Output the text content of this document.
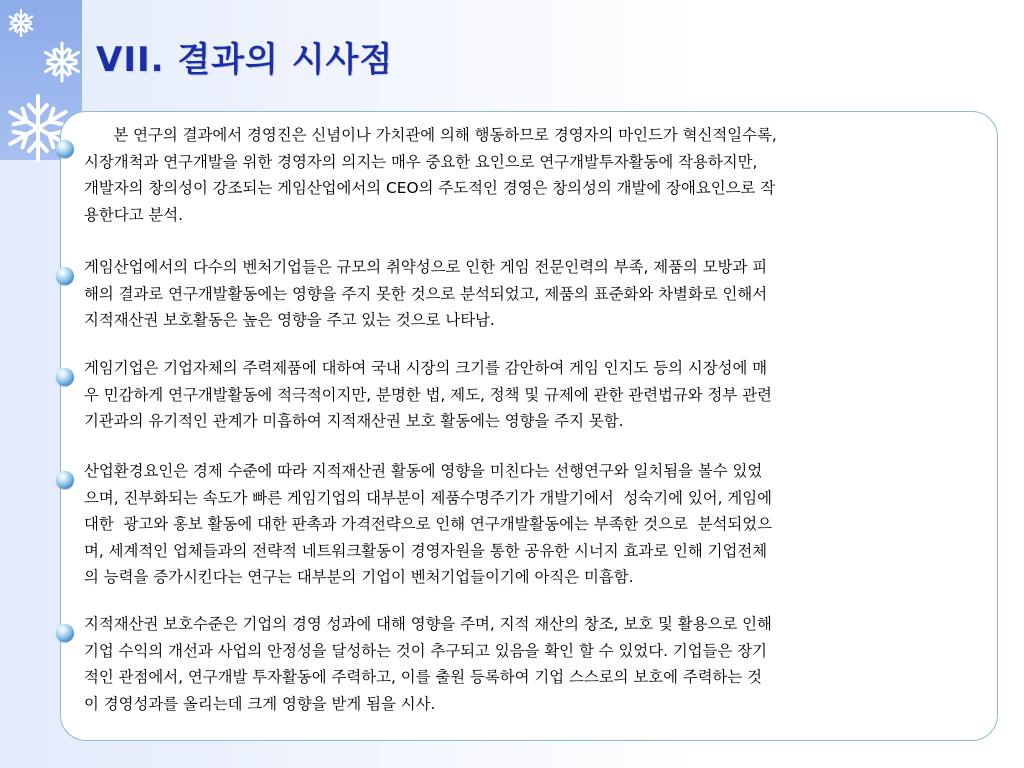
VII. 결과의 시사점
본 연구의 결과에서 경영진은 신념이나 가치관에 의해 행동하므로 경영자의 마인드가 혁신적일수록,
시장개척과 연구개발을 위한 경영자의 의지는 매우 중요한 요인으로 연구개발투자활동에 작용하지만,
개발자의 창의성이 강조되는 게임산업에서의 CEO의 주도적인 경영은 창의성의 개발에 장애요인으로 작
용한다고 분석.
게임산업에서의 다수의 벤처기업들은 규모의 취약성으로 인한 게임 전문인력의 부족, 제품의 모방과 피
해의 결과로 연구개발활동에는 영향을 주지 못한 것으로 분석되었고, 제품의 표준화와 차별화로 인해서
지적재산권 보호활동은 높은 영향을 주고 있는 것으로 나타남.
게임기업은 기업자체의 주력제품에 대하여 국내 시장의 크기를 감안하여 게임 인지도 등의 시장성에 매
우 민감하게 연구개발활동에 적극적이지만, 분명한 법, 제도, 정책 및 규제에 관한 관련법규와 정부 관련
기관과의 유기적인 관계가 미흡하여 지적재산권 보호 활동에는 영향을 주지 못함.
산업환경요인은 경제 수준에 따라 지적재산권 활동에 영향을 미친다는 선행연구와 일치됨을 볼수 있었
으며, 진부화되는 속도가 빠른 게임기업의 대부분이 제품수명주기가 개발기에서  성숙기에 있어, 게임에
대한  광고와 홍보 활동에 대한 판촉과 가격전략으로 인해 연구개발활동에는 부족한 것으로  분석되었으
며, 세계적인 업체들과의 전략적 네트워크활동이 경영자원을 통한 공유한 시너지 효과로 인해 기업전체
의 능력을 증가시킨다는 연구는 대부분의 기업이 벤처기업들이기에 아직은 미흡함.
지적재산권 보호수준은 기업의 경영 성과에 대해 영향을 주며, 지적 재산의 창조, 보호 및 활용으로 인해
기업 수익의 개선과 사업의 안정성을 달성하는 것이 추구되고 있음을 확인 할 수 있었다. 기업들은 장기
적인 관점에서, 연구개발 투자활동에 주력하고, 이를 출원 등록하여 기업 스스로의 보호에 주력하는 것
이 경영성과를 올리는데 크게 영향을 받게 됨을 시사.
